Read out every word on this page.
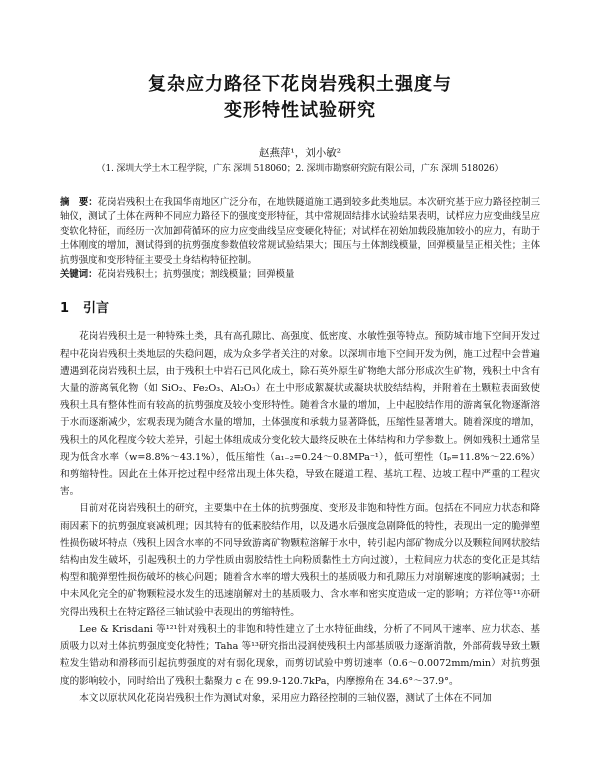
复杂应力路径下花岗岩残积土强度与
变形特性试验研究
赵燕萍¹，刘小敏²
（1. 深圳大学土木工程学院，广东 深圳 518060；2. 深圳市勘察研究院有限公司，广东 深圳 518026）
摘　要：花岗岩残积土在我国华南地区广泛分布，在地铁隧道施工遇到较多此类地层。本次研究基于应力路径控制三轴仪，测试了土体在两种不同应力路径下的强度变形特征，其中常规固结排水试验结果表明，试样应力应变曲线呈应变软化特征，而经历一次加卸荷循环的应力应变曲线呈应变硬化特征；对试样在初始加载段施加较小的应力，有助于土体刚度的增加，测试得到的抗剪强度参数值较常规试验结果大；围压与土体割线模量，回弹模量呈正相关性；主体抗剪强度和变形特征主要受土身结构特征控制。
关键词：花岗岩残积土；抗剪强度；割线模量；回弹模量
1 引言

花岗岩残积土是一种特殊土类，具有高孔隙比、高强度、低密度、水敏性强等特点。预防城市地下空间开发过程中花岗岩残积土类地层的失稳问题，成为众多学者关注的对象。以深圳市地下空间开发为例，施工过程中会普遍遭遇到花岗岩残积土层，由于残积土中岩石已风化成土，除石英外原生矿物绝大部分形成次生矿物，残积土中含有大量的游离氧化物（如 SiO₂、Fe₂O₃、Al₂O₃）在土中形成絮凝状或凝块状胶结结构，并附着在土颗粒表面致使残积土具有整体性而有较高的抗剪强度及较小变形特性。随着含水量的增加，上中起胶结作用的游离氧化物逐渐溶于水而逐渐减少，宏观表现为随含水量的增加，土体强度和承载力显著降低，压缩性显著增大。随着深度的增加，残积土的风化程度今较大差异，引起土体组成成分变化较大最终反映在土体结构和力学参数上。例如残积土通常呈现为低含水率（w=8.8%～43.1%），低压缩性（a₁₋₂=0.24～0.8MPa⁻¹），低可塑性（Iₚ=11.8%～22.6%）和剪缩特性。因此在土体开挖过程中经常出现土体失稳，导致在隧道工程、基坑工程、边坡工程中严重的工程灾害。

目前对花岗岩残积土的研究，主要集中在土体的抗剪强度、变形及非饱和特性方面。包括在不同应力状态和降雨因素下的抗剪强度衰减机理；因其特有的低素胶结作用，以及遇水后强度急剧降低的特性，表现出一定的脆弹塑性损伤破坏特点（残积上因含水率的不同导致游离矿物颗粒溶解于水中，转引起内部矿物成分以及颗粒间网状胶结结构由发生破坏，引起残积土的力学性质由弱胶结性土向粉质黏性土方向过渡），土粒间应力状态的变化正是其结构型和脆弹塑性损伤破坏的核心问题；随着含水率的增大残积土的基质吸力和孔隙压力对崩解速度的影响减弱；土中未风化完全的矿物颗粒浸水发生的迅速崩解对土的基质吸力、含水率和密实度造成一定的影响；方祥位等¹¹亦研究得出残积土在特定路径三轴试验中表现出的剪缩特性。

Lee & Krisdani 等¹²¹针对残积土的非饱和特性建立了土水特征曲线，分析了不同风干速率、应力状态、基质吸力以对土体抗剪强度变化特性；Taha 等¹³研究指出浸润使残积土内部基质吸力逐渐消散，外部荷载导致土颗粒发生错动和滑移而引起抗剪强度的对有弱化现象，而剪切试验中剪切速率（0.6～0.0072mm/min）对抗剪强度的影响较小，同时给出了残积土黏聚力 c 在 99.9-120.7kPa，内摩擦角在 34.6°～37.9°。

本文以原状风化花岗岩残积土作为测试对象，采用应力路径控制的三轴仪器，测试了土体在不同加
